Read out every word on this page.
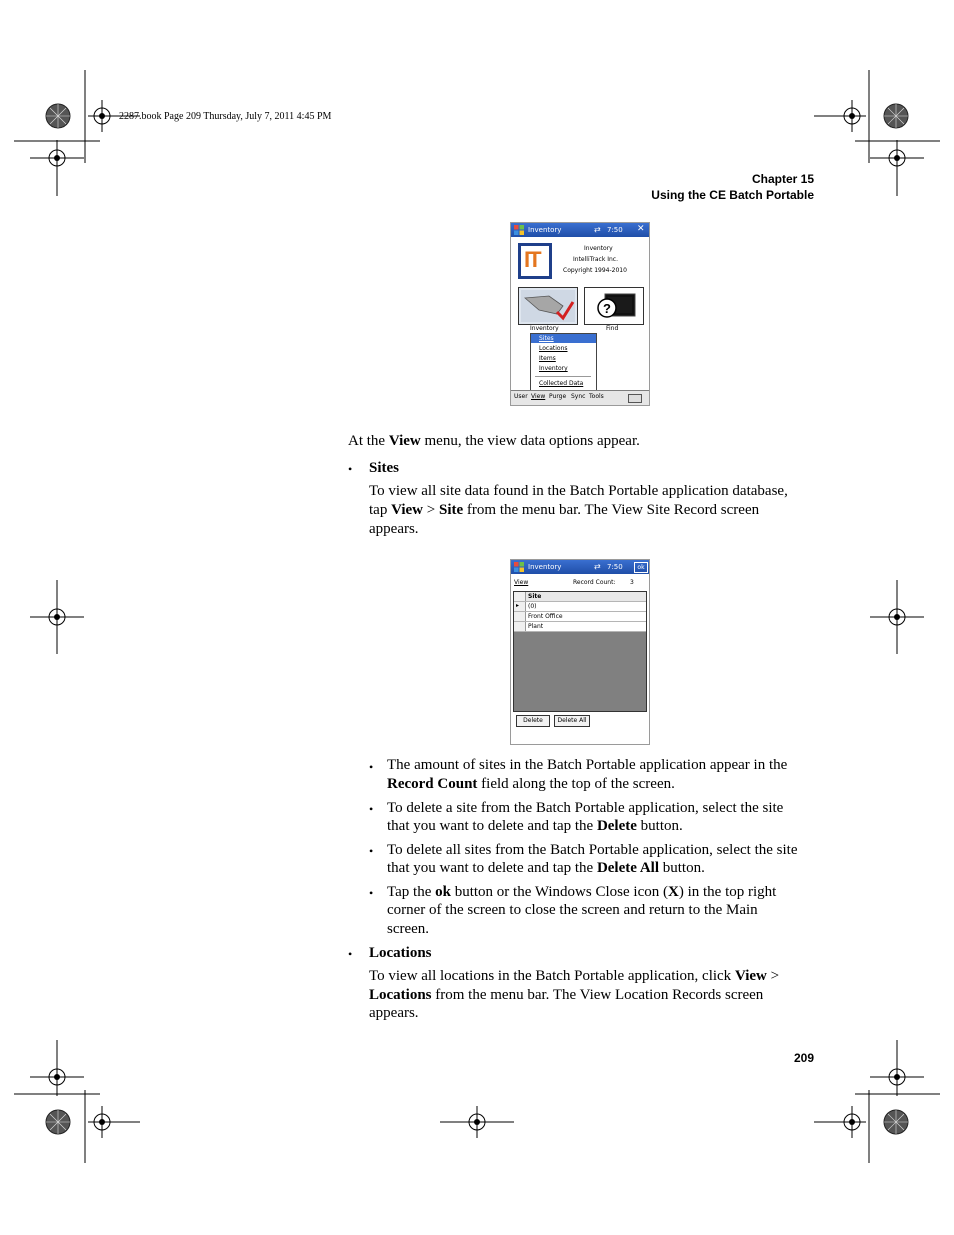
2287.book Page 209 Thursday, July 7, 2011 4:45 PM
Chapter 15
Using the CE Batch Portable
Inventory	⇄ 7:50 ✕
IT	Inventory
IntelliTrack Inc.
Copyright 1994-2010
Inventory
?
Find
Sites
Locations
Items
Inventory
Collected Data
User View Purge Sync Tools
At the View menu, the view data options appear.
• Sites
To view all site data found in the Batch Portable application database,
tap View > Site from the menu bar. The View Site Record screen
appears.
Inventory	⇄ 7:50	ok
View	Record Count: 3
Site
▸ (0)
Front Office
Plant
Delete	Delete All
• The amount of sites in the Batch Portable application appear in the
Record Count field along the top of the screen.
• To delete a site from the Batch Portable application, select the site
that you want to delete and tap the Delete button.
• To delete all sites from the Batch Portable application, select the site
that you want to delete and tap the Delete All button.
• Tap the ok button or the Windows Close icon (X) in the top right
corner of the screen to close the screen and return to the Main
screen.
• Locations
To view all locations in the Batch Portable application, click View >
Locations from the menu bar. The View Location Records screen
appears.
209
